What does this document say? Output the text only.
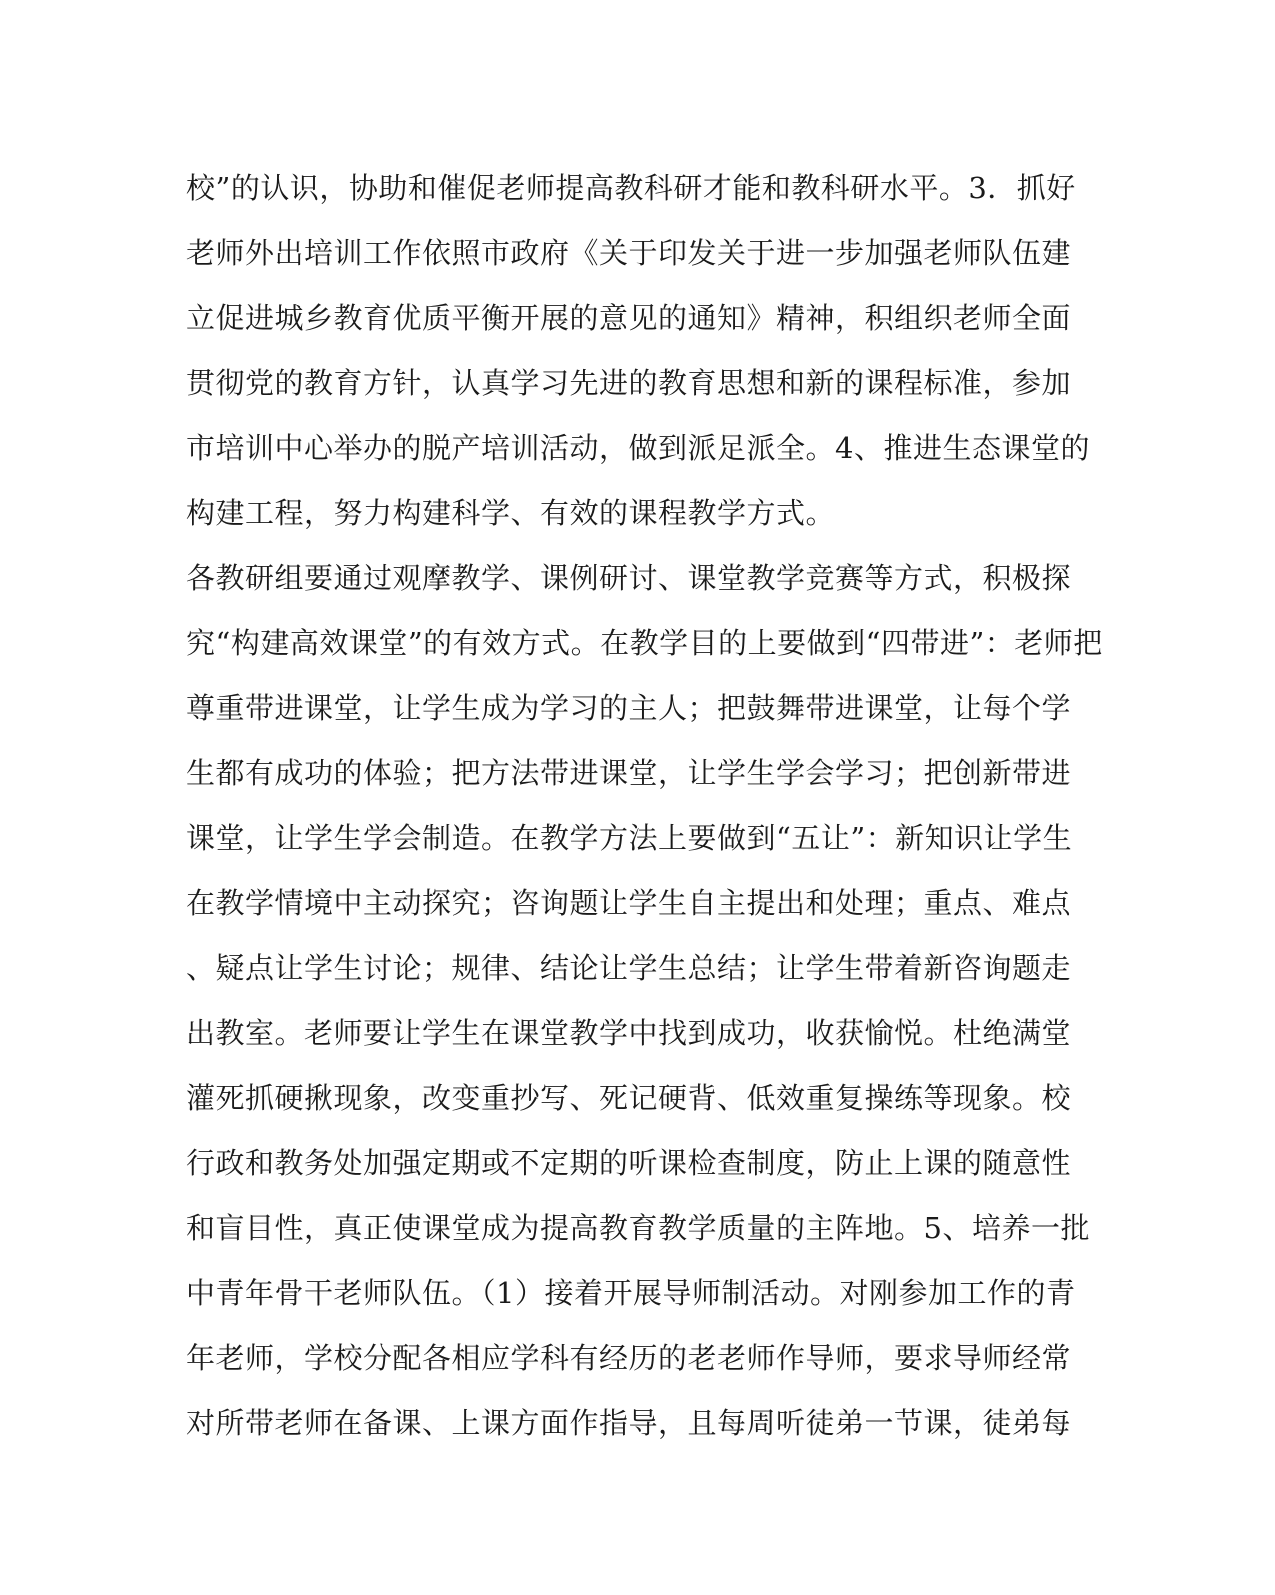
校”的认识，协助和催促老师提高教科研才能和教科研水平。3．抓好
老师外出培训工作依照市政府《关于印发关于进一步加强老师队伍建
立促进城乡教育优质平衡开展的意见的通知》精神，积组织老师全面
贯彻党的教育方针，认真学习先进的教育思想和新的课程标准，参加
市培训中心举办的脱产培训活动，做到派足派全。4、推进生态课堂的
构建工程，努力构建科学、有效的课程教学方式。
各教研组要通过观摩教学、课例研讨、课堂教学竞赛等方式，积极探
究“构建高效课堂”的有效方式。在教学目的上要做到“四带进”：老师把
尊重带进课堂，让学生成为学习的主人；把鼓舞带进课堂，让每个学
生都有成功的体验；把方法带进课堂，让学生学会学习；把创新带进
课堂，让学生学会制造。在教学方法上要做到“五让”：新知识让学生
在教学情境中主动探究；咨询题让学生自主提出和处理；重点、难点
、疑点让学生讨论；规律、结论让学生总结；让学生带着新咨询题走
出教室。老师要让学生在课堂教学中找到成功，收获愉悦。杜绝满堂
灌死抓硬揪现象，改变重抄写、死记硬背、低效重复操练等现象。校
行政和教务处加强定期或不定期的听课检查制度，防止上课的随意性
和盲目性，真正使课堂成为提高教育教学质量的主阵地。5、培养一批
中青年骨干老师队伍。（1）接着开展导师制活动。对刚参加工作的青
年老师，学校分配各相应学科有经历的老老师作导师，要求导师经常
对所带老师在备课、上课方面作指导，且每周听徒弟一节课，徒弟每
